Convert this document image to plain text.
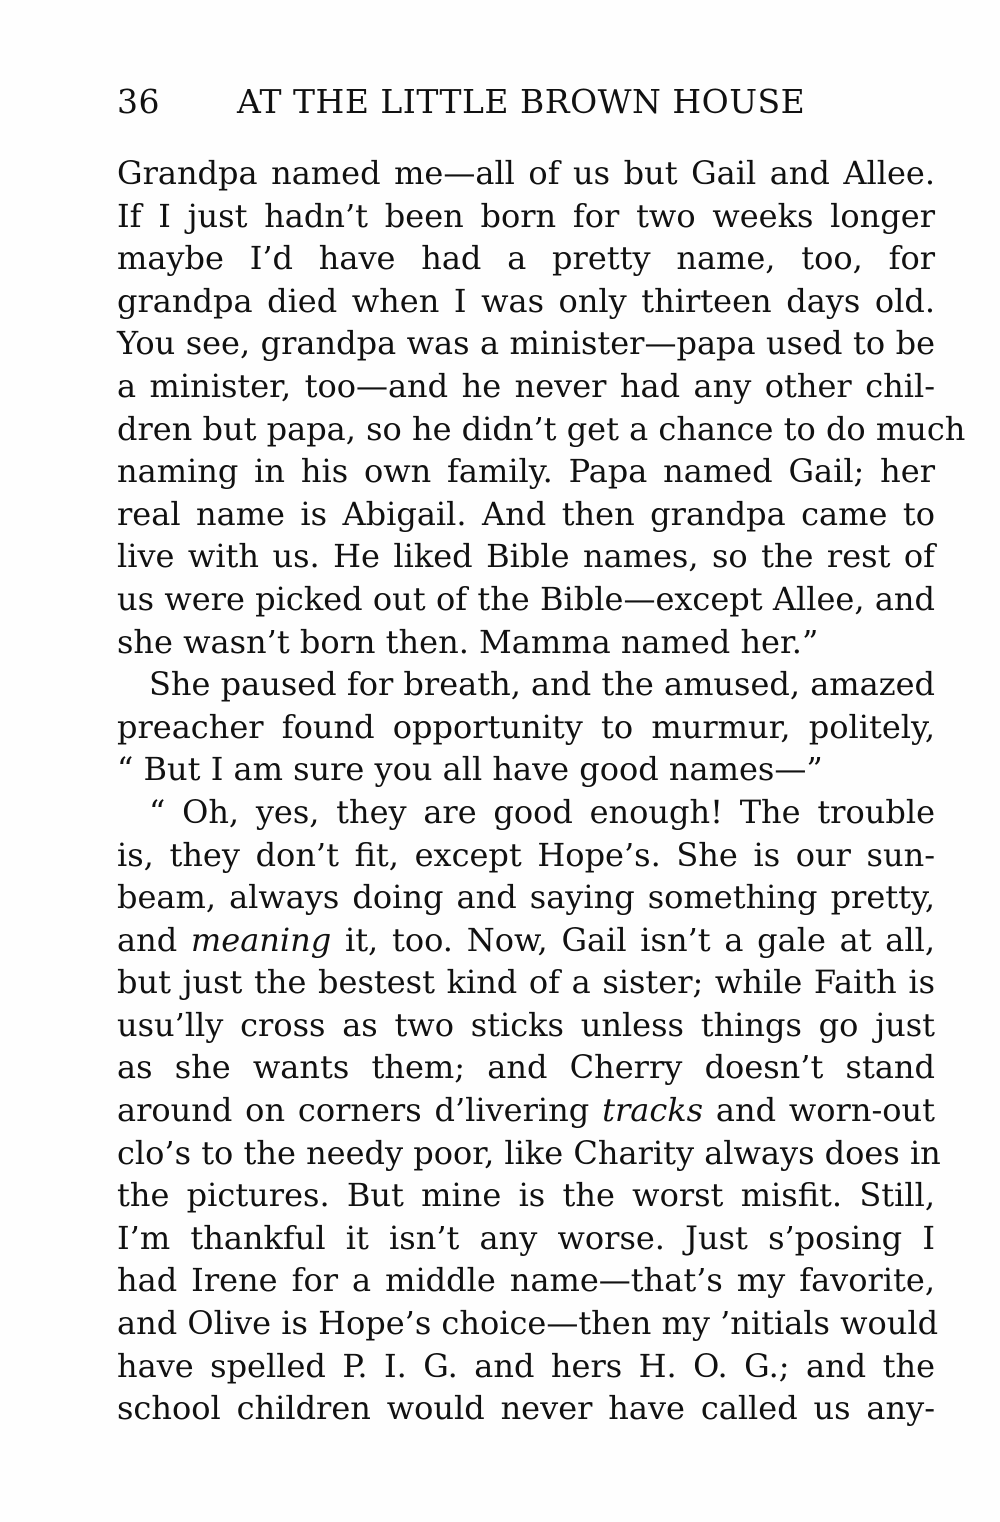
36 AT THE LITTLE BROWN HOUSE
Grandpa named me—all of us but Gail and Allee.
If I just hadn’t been born for two weeks longer
maybe I’d have had a pretty name, too, for
grandpa died when I was only thirteen days old.
You see, grandpa was a minister—papa used to be
a minister, too—and he never had any other chil-
dren but papa, so he didn’t get a chance to do much
naming in his own family. Papa named Gail; her
real name is Abigail. And then grandpa came to
live with us. He liked Bible names, so the rest of
us were picked out of the Bible—except Allee, and
she wasn’t born then. Mamma named her.”
She paused for breath, and the amused, amazed
preacher found opportunity to murmur, politely,
“ But I am sure you all have good names—”
“ Oh, yes, they are good enough! The trouble
is, they don’t fit, except Hope’s. She is our sun-
beam, always doing and saying something pretty,
and meaning it, too. Now, Gail isn’t a gale at all,
but just the bestest kind of a sister; while Faith is
usu’lly cross as two sticks unless things go just
as she wants them; and Cherry doesn’t stand
around on corners d’livering tracks and worn-out
clo’s to the needy poor, like Charity always does in
the pictures. But mine is the worst misfit. Still,
I’m thankful it isn’t any worse. Just s’posing I
had Irene for a middle name—that’s my favorite,
and Olive is Hope’s choice—then my ’nitials would
have spelled P. I. G. and hers H. O. G.; and the
school children would never have called us any-
